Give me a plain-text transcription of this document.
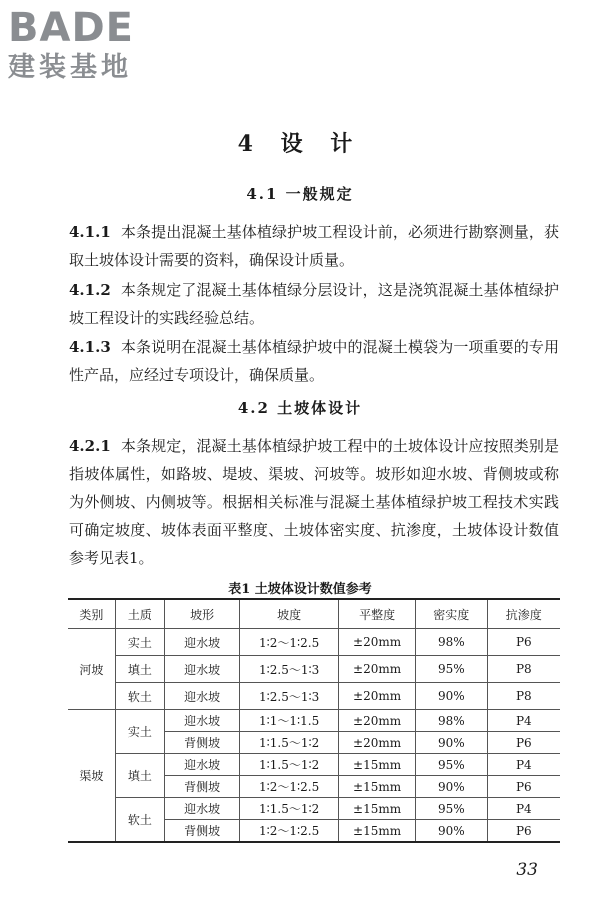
BADE
建装基地
4 设 计
4.1 一般规定
4.1.1 本条提出混凝土基体植绿护坡工程设计前，必须进行勘察测量，获取土坡体设计需要的资料，确保设计质量。
4.1.2 本条规定了混凝土基体植绿分层设计，这是浇筑混凝土基体植绿护坡工程设计的实践经验总结。
4.1.3 本条说明在混凝土基体植绿护坡中的混凝土模袋为一项重要的专用性产品，应经过专项设计，确保质量。
4.2 土坡体设计
4.2.1 本条规定，混凝土基体植绿护坡工程中的土坡体设计应按照类别是指坡体属性，如路坡、堤坡、渠坡、河坡等。坡形如迎水坡、背侧坡或称为外侧坡、内侧坡等。根据相关标准与混凝土基体植绿护坡工程技术实践可确定坡度、坡体表面平整度、土坡体密实度、抗渗度，土坡体设计数值参考见表1。
表1 土坡体设计数值参考
类别	土质	坡形	坡度	平整度	密实度	抗渗度
河坡	实土	迎水坡	1∶2～1∶2.5	±20mm	98%	P6
	填土	迎水坡	1∶2.5～1∶3	±20mm	95%	P8
	软土	迎水坡	1∶2.5～1∶3	±20mm	90%	P8
渠坡	实土	迎水坡	1∶1～1∶1.5	±20mm	98%	P4
		背侧坡	1∶1.5～1∶2	±20mm	90%	P6
	填土	迎水坡	1∶1.5～1∶2	±15mm	95%	P4
		背侧坡	1∶2～1∶2.5	±15mm	90%	P6
	软土	迎水坡	1∶1.5～1∶2	±15mm	95%	P4
		背侧坡	1∶2～1∶2.5	±15mm	90%	P6
33
